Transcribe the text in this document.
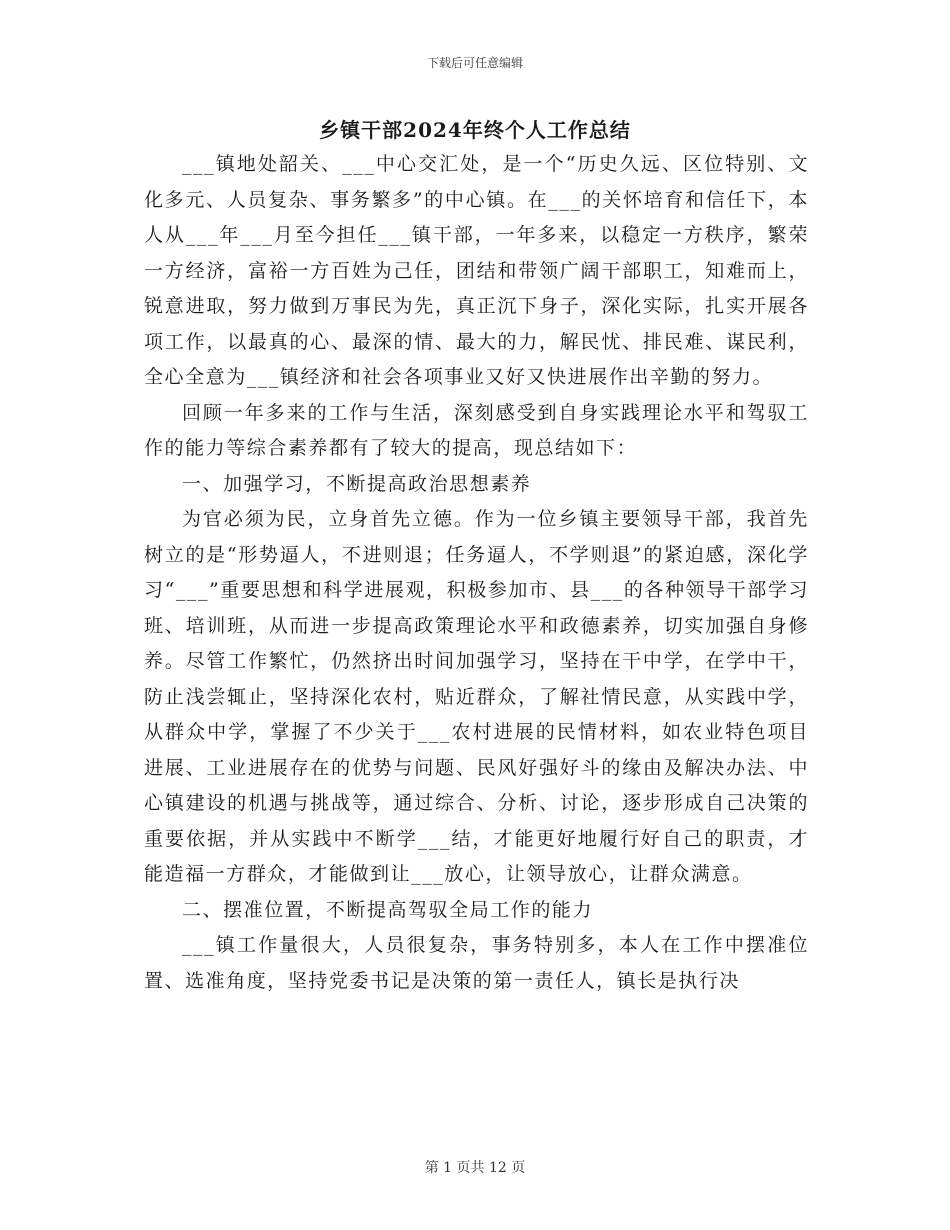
下载后可任意编辑
乡镇干部2024年终个人工作总结

___镇地处韶关、___中心交汇处，是一个“历史久远、区位特别、文化多元、人员复杂、事务繁多”的中心镇。在___的关怀培育和信任下，本人从___年___月至今担任___镇干部，一年多来，以稳定一方秩序，繁荣一方经济，富裕一方百姓为己任，团结和带领广阔干部职工，知难而上，锐意进取，努力做到万事民为先，真正沉下身子，深化实际，扎实开展各项工作，以最真的心、最深的情、最大的力，解民忧、排民难、谋民利，全心全意为___镇经济和社会各项事业又好又快进展作出辛勤的努力。

回顾一年多来的工作与生活，深刻感受到自身实践理论水平和驾驭工作的能力等综合素养都有了较大的提高，现总结如下：

一、加强学习，不断提高政治思想素养

为官必须为民，立身首先立德。作为一位乡镇主要领导干部，我首先树立的是“形势逼人，不进则退；任务逼人，不学则退”的紧迫感，深化学习“___”重要思想和科学进展观，积极参加市、县___的各种领导干部学习班、培训班，从而进一步提高政策理论水平和政德素养，切实加强自身修养。尽管工作繁忙，仍然挤出时间加强学习，坚持在干中学，在学中干，防止浅尝辄止，坚持深化农村，贴近群众，了解社情民意，从实践中学，从群众中学，掌握了不少关于___农村进展的民情材料，如农业特色项目进展、工业进展存在的优势与问题、民风好强好斗的缘由及解决办法、中心镇建设的机遇与挑战等，通过综合、分析、讨论，逐步形成自己决策的重要依据，并从实践中不断学___结，才能更好地履行好自己的职责，才能造福一方群众，才能做到让___放心，让领导放心，让群众满意。

二、摆准位置，不断提高驾驭全局工作的能力

___镇工作量很大，人员很复杂，事务特别多，本人在工作中摆准位置、选准角度，坚持党委书记是决策的第一责任人，镇长是执行决

第 1 页共 12 页
